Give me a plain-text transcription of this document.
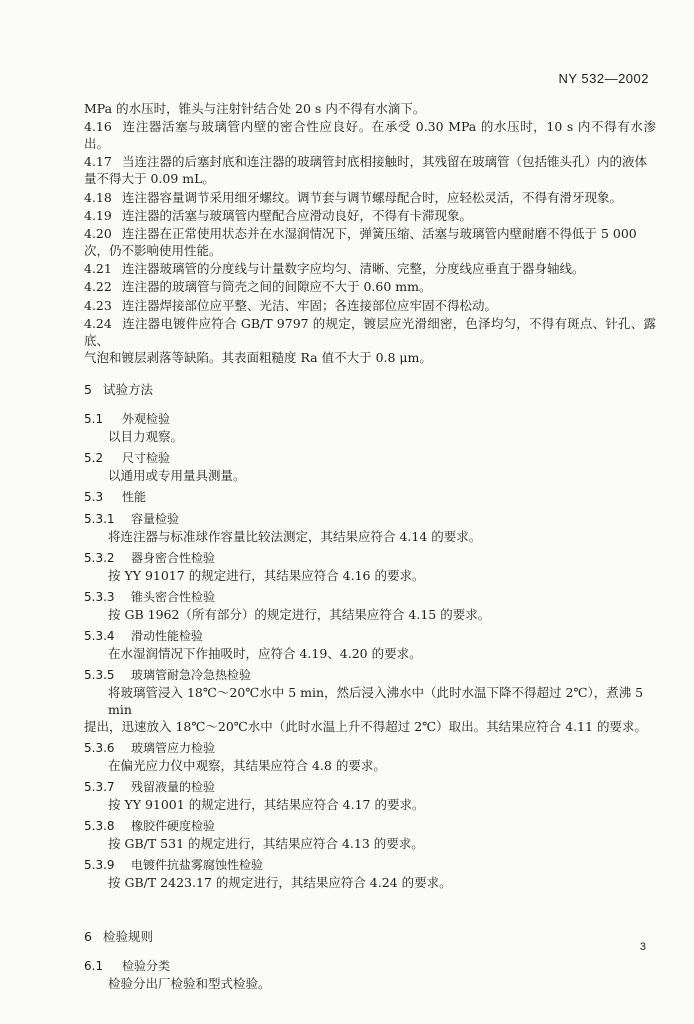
NY 532—2002
MPa 的水压时，锥头与注射针结合处 20 s 内不得有水滴下。
4.16 连注器活塞与玻璃管内壁的密合性应良好。在承受 0.30 MPa 的水压时，10 s 内不得有水渗出。
4.17 当连注器的后塞封底和连注器的玻璃管封底相接触时，其残留在玻璃管（包括锥头孔）内的液体
量不得大于 0.09 mL。
4.18 连注器容量调节采用细牙螺纹。调节套与调节螺母配合时，应轻松灵活，不得有滑牙现象。
4.19 连注器的活塞与玻璃管内壁配合应滑动良好，不得有卡滞现象。
4.20 连注器在正常使用状态并在水湿润情况下，弹簧压缩、活塞与玻璃管内壁耐磨不得低于 5 000
次，仍不影响使用性能。
4.21 连注器玻璃管的分度线与计量数字应均匀、清晰、完整，分度线应垂直于器身轴线。
4.22 连注器的玻璃管与筒壳之间的间隙应不大于 0.60 mm。
4.23 连注器焊接部位应平整、光洁、牢固；各连接部位应牢固不得松动。
4.24 连注器电镀件应符合 GB/T 9797 的规定，镀层应光滑细密，色泽均匀，不得有斑点、针孔、露底、
气泡和镀层剥落等缺陷。其表面粗糙度 Ra 值不大于 0.8 μm。
5 试验方法
5.1 外观检验
以目力观察。
5.2 尺寸检验
以通用或专用量具测量。
5.3 性能
5.3.1 容量检验
将连注器与标准球作容量比较法测定，其结果应符合 4.14 的要求。
5.3.2 器身密合性检验
按 YY 91017 的规定进行，其结果应符合 4.16 的要求。
5.3.3 锥头密合性检验
按 GB 1962（所有部分）的规定进行，其结果应符合 4.15 的要求。
5.3.4 滑动性能检验
在水湿润情况下作抽吸时，应符合 4.19、4.20 的要求。
5.3.5 玻璃管耐急冷急热检验
将玻璃管浸入 18℃～20℃水中 5 min，然后浸入沸水中（此时水温下降不得超过 2℃），煮沸 5 min
提出，迅速放入 18℃～20℃水中（此时水温上升不得超过 2℃）取出。其结果应符合 4.11 的要求。
5.3.6 玻璃管应力检验
在偏光应力仪中观察，其结果应符合 4.8 的要求。
5.3.7 残留液量的检验
按 YY 91001 的规定进行，其结果应符合 4.17 的要求。
5.3.8 橡胶件硬度检验
按 GB/T 531 的规定进行，其结果应符合 4.13 的要求。
5.3.9 电镀件抗盐雾腐蚀性检验
按 GB/T 2423.17 的规定进行，其结果应符合 4.24 的要求。
6 检验规则
6.1 检验分类
检验分出厂检验和型式检验。
3
